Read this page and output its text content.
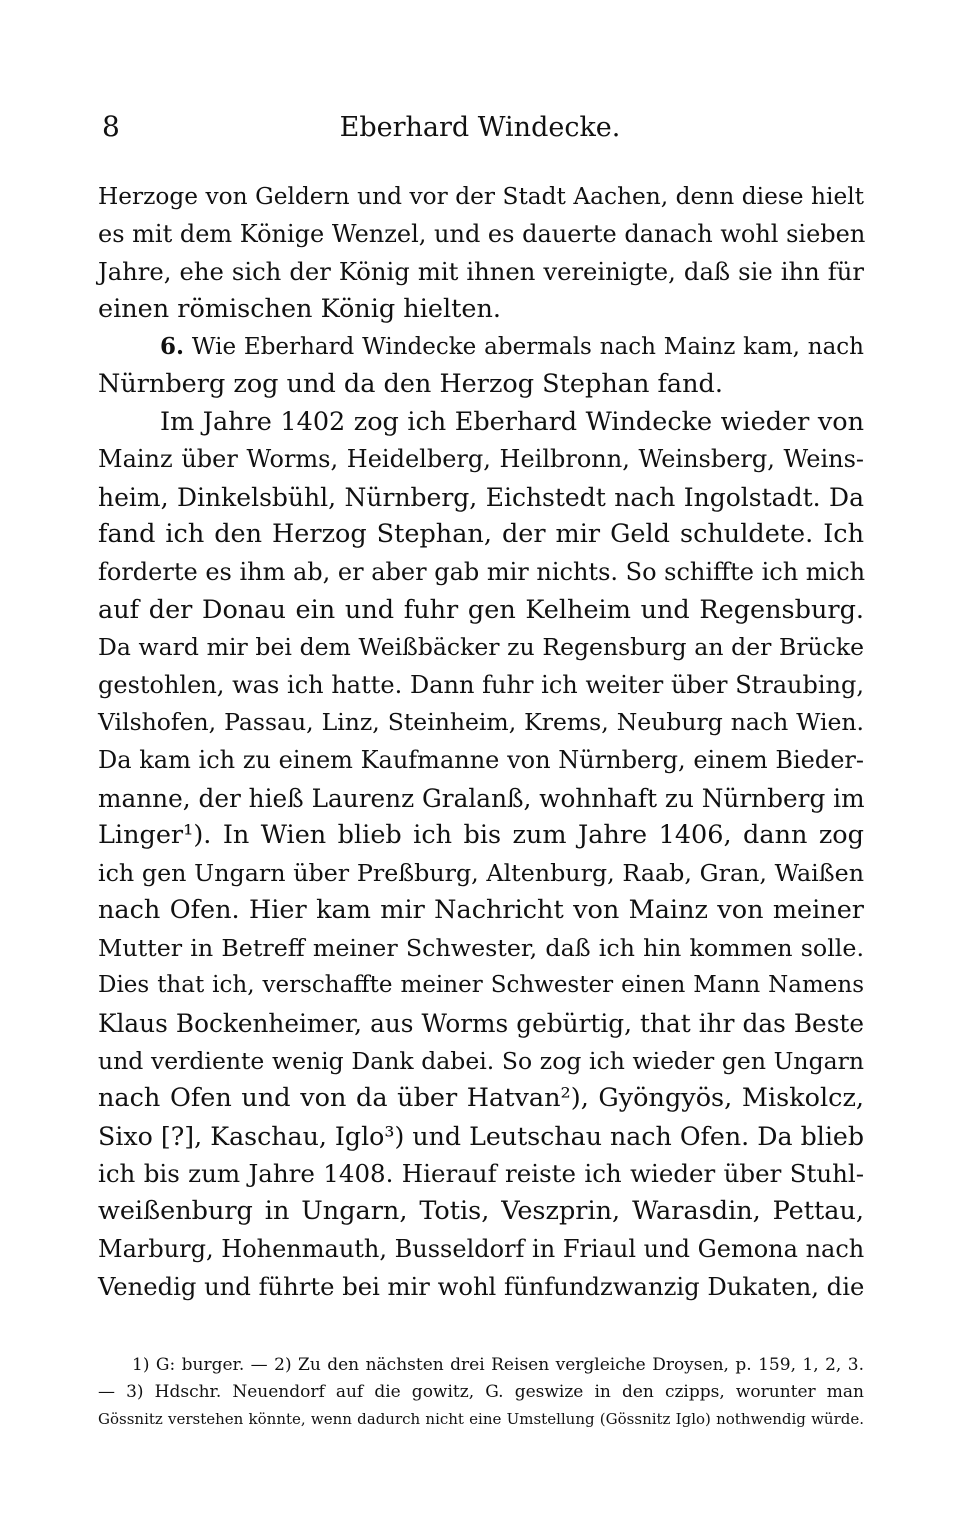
8	Eberhard Windecke.
Herzoge von Geldern und vor der Stadt Aachen, denn diese hielt
es mit dem Könige Wenzel, und es dauerte danach wohl sieben
Jahre, ehe sich der König mit ihnen vereinigte, daß sie ihn für
einen römischen König hielten.
6. Wie Eberhard Windecke abermals nach Mainz kam, nach
Nürnberg zog und da den Herzog Stephan fand.
Im Jahre 1402 zog ich Eberhard Windecke wieder von
Mainz über Worms, Heidelberg, Heilbronn, Weinsberg, Weins-
heim, Dinkelsbühl, Nürnberg, Eichstedt nach Ingolstadt. Da
fand ich den Herzog Stephan, der mir Geld schuldete. Ich
forderte es ihm ab, er aber gab mir nichts. So schiffte ich mich
auf der Donau ein und fuhr gen Kelheim und Regensburg.
Da ward mir bei dem Weißbäcker zu Regensburg an der Brücke
gestohlen, was ich hatte. Dann fuhr ich weiter über Straubing,
Vilshofen, Passau, Linz, Steinheim, Krems, Neuburg nach Wien.
Da kam ich zu einem Kaufmanne von Nürnberg, einem Bieder-
manne, der hieß Laurenz Gralanß, wohnhaft zu Nürnberg im
Linger¹). In Wien blieb ich bis zum Jahre 1406, dann zog
ich gen Ungarn über Preßburg, Altenburg, Raab, Gran, Waißen
nach Ofen. Hier kam mir Nachricht von Mainz von meiner
Mutter in Betreff meiner Schwester, daß ich hin kommen solle.
Dies that ich, verschaffte meiner Schwester einen Mann Namens
Klaus Bockenheimer, aus Worms gebürtig, that ihr das Beste
und verdiente wenig Dank dabei. So zog ich wieder gen Ungarn
nach Ofen und von da über Hatvan²), Gyöngyös, Miskolcz,
Sixo [?], Kaschau, Iglo³) und Leutschau nach Ofen. Da blieb
ich bis zum Jahre 1408. Hierauf reiste ich wieder über Stuhl-
weißenburg in Ungarn, Totis, Veszprin, Warasdin, Pettau,
Marburg, Hohenmauth, Busseldorf in Friaul und Gemona nach
Venedig und führte bei mir wohl fünfundzwanzig Dukaten, die
1) G: burger. — 2) Zu den nächsten drei Reisen vergleiche Droysen, p. 159, 1, 2, 3.
— 3) Hdschr. Neuendorf auf die gowitz, G. geswize in den czipps, worunter man
Gössnitz verstehen könnte, wenn dadurch nicht eine Umstellung (Gössnitz Iglo) nothwendig würde.
